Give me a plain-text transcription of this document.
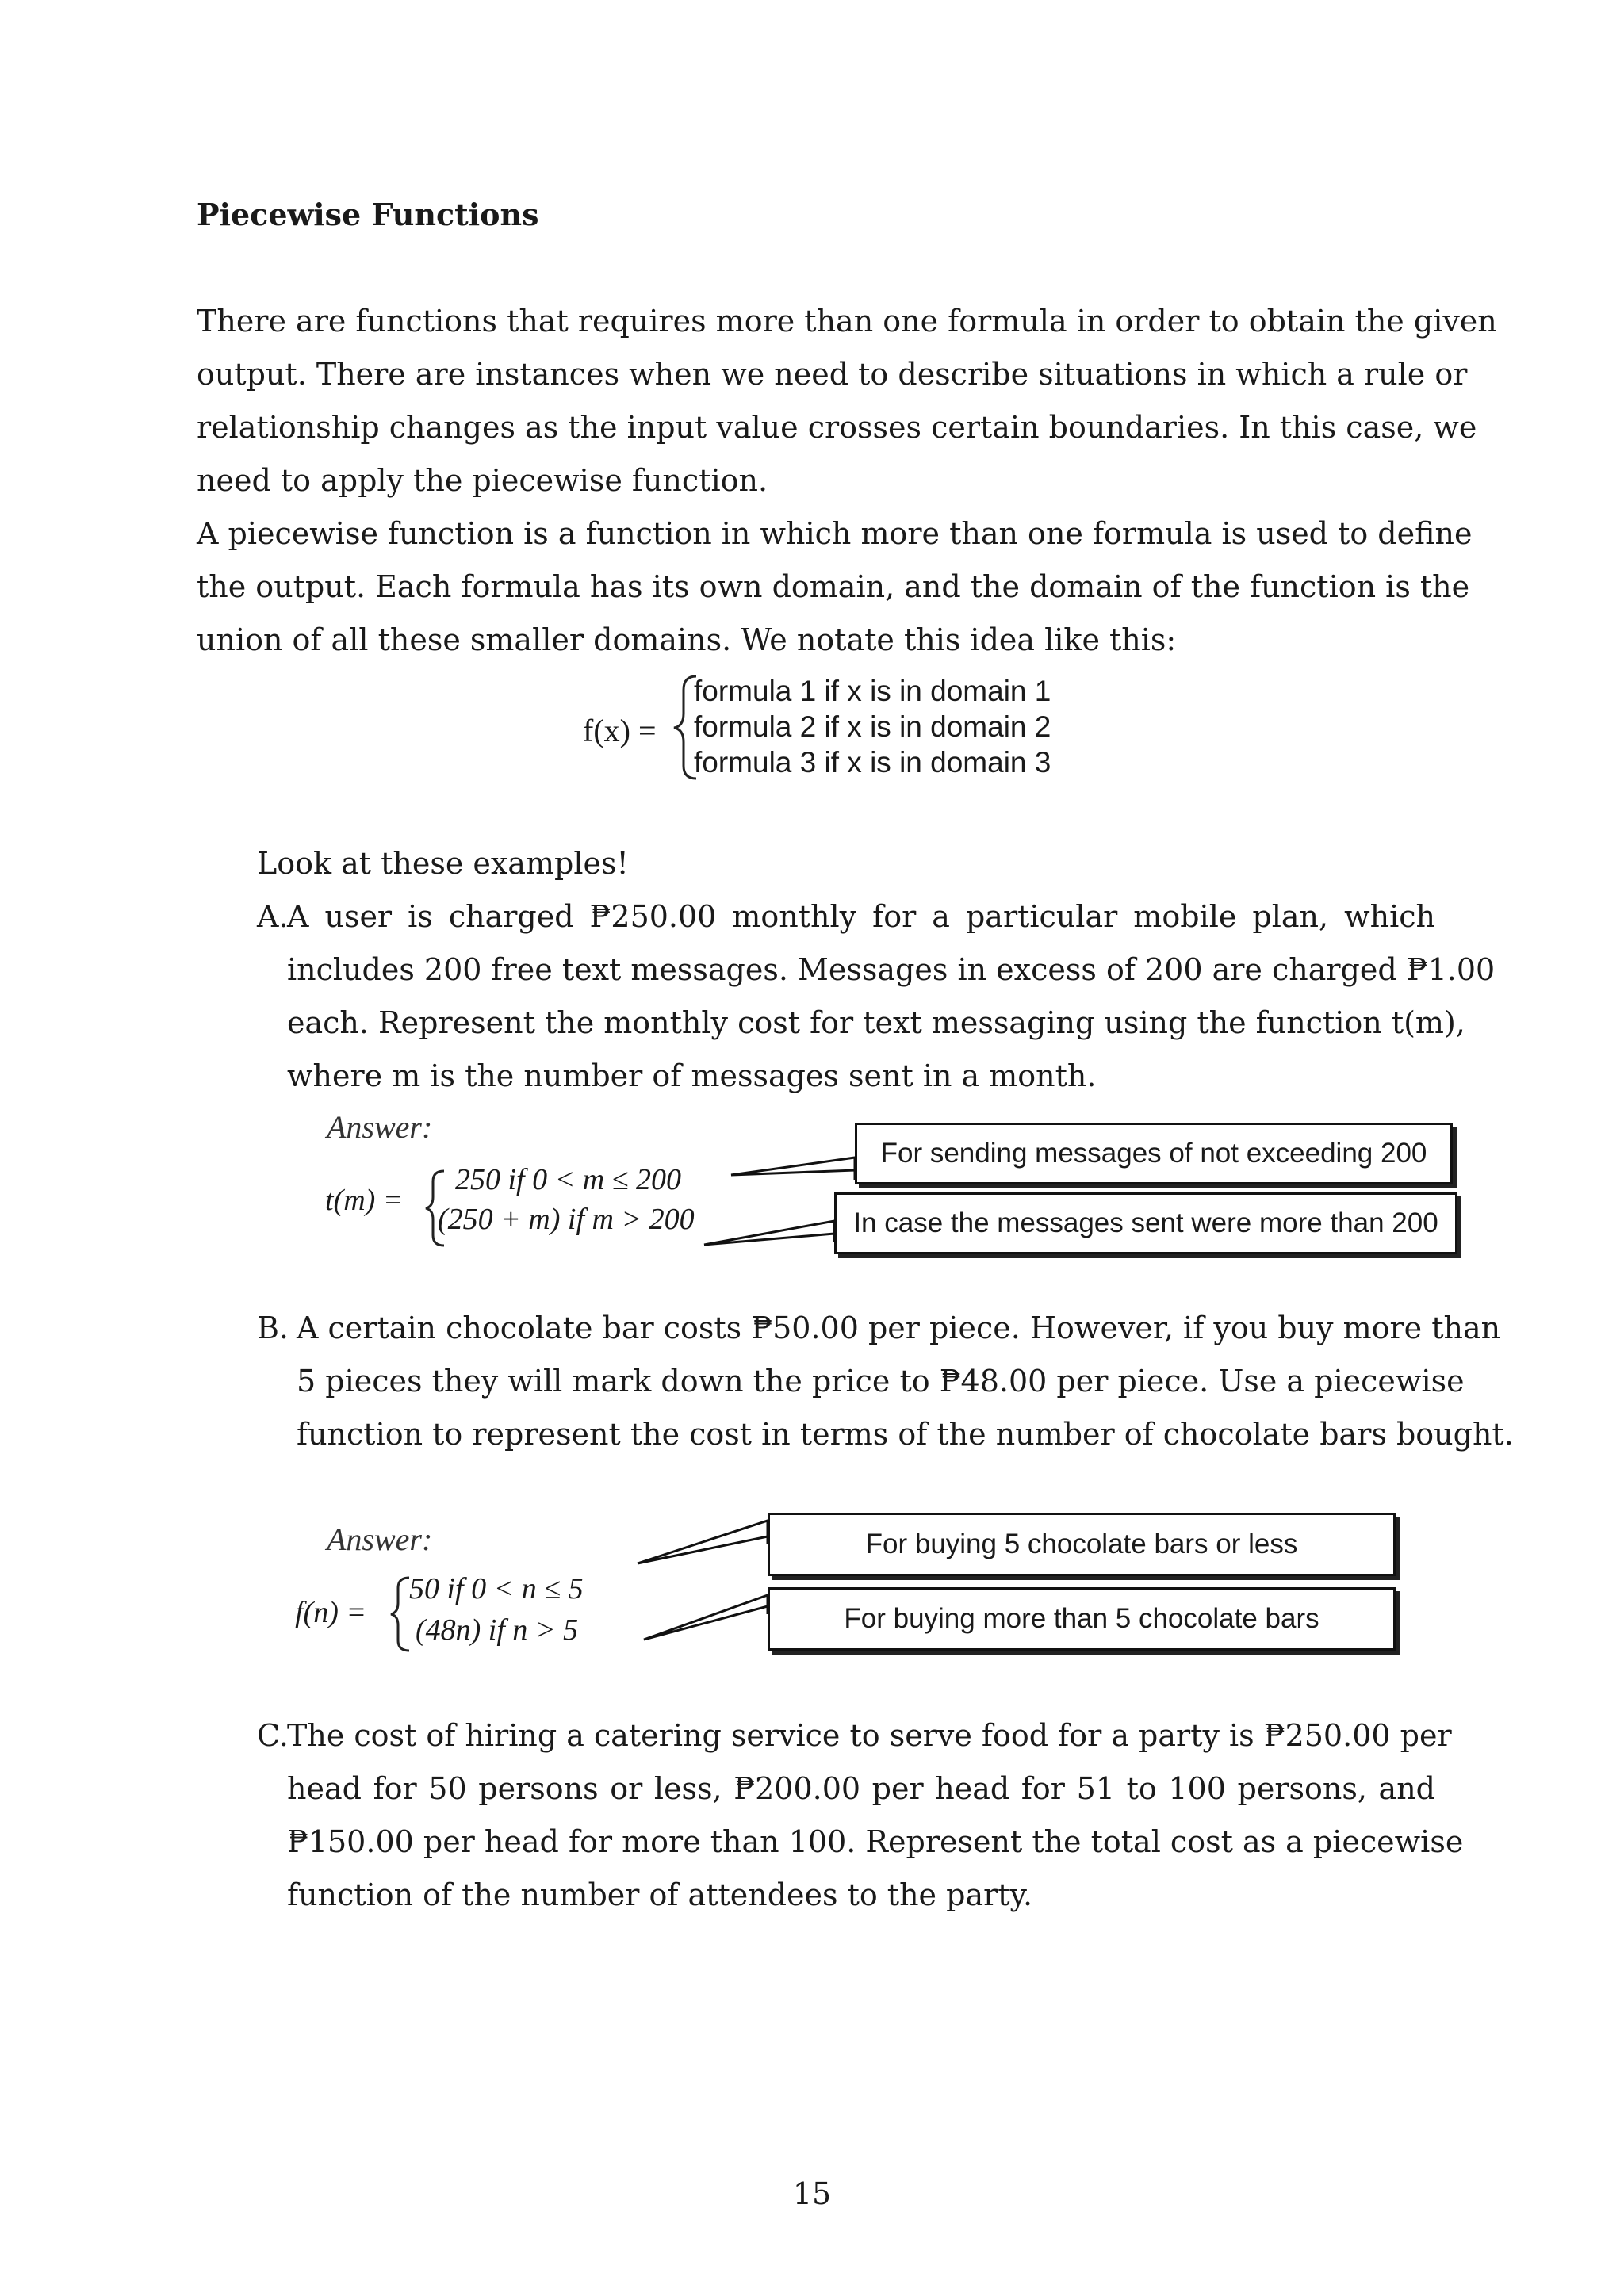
Piecewise Functions
There are functions that requires more than one formula in order to obtain the given
output. There are instances when we need to describe situations in which a rule or
relationship changes as the input value crosses certain boundaries. In this case, we
need to apply the piecewise function.
A piecewise function is a function in which more than one formula is used to define
the output. Each formula has its own domain, and the domain of the function is the
union of all these smaller domains. We notate this idea like this:
f(x) =
formula 1 if x is in domain 1
formula 2 if x is in domain 2
formula 3 if x is in domain 3
Look at these examples!
A.
A user is charged ₱250.00 monthly for a particular mobile plan, which
includes 200 free text messages. Messages in excess of 200 are charged ₱1.00
each. Represent the monthly cost for text messaging using the function t(m),
where m is the number of messages sent in a month.
Answer:
t(m) =
250 if 0 < m ≤ 200
(250 + m) if m > 200
For sending messages of not exceeding 200
In case the messages sent were more than 200
B. A certain chocolate bar costs ₱50.00 per piece. However, if you buy more than
5 pieces they will mark down the price to ₱48.00 per piece. Use a piecewise
function to represent the cost in terms of the number of chocolate bars bought.
Answer:
f(n) =
50 if 0 < n ≤ 5
(48n) if n > 5
For buying 5 chocolate bars or less
For buying more than 5 chocolate bars
C.
The cost of hiring a catering service to serve food for a party is ₱250.00 per
head for 50 persons or less, ₱200.00 per head for 51 to 100 persons, and
₱150.00 per head for more than 100. Represent the total cost as a piecewise
function of the number of attendees to the party.
15
